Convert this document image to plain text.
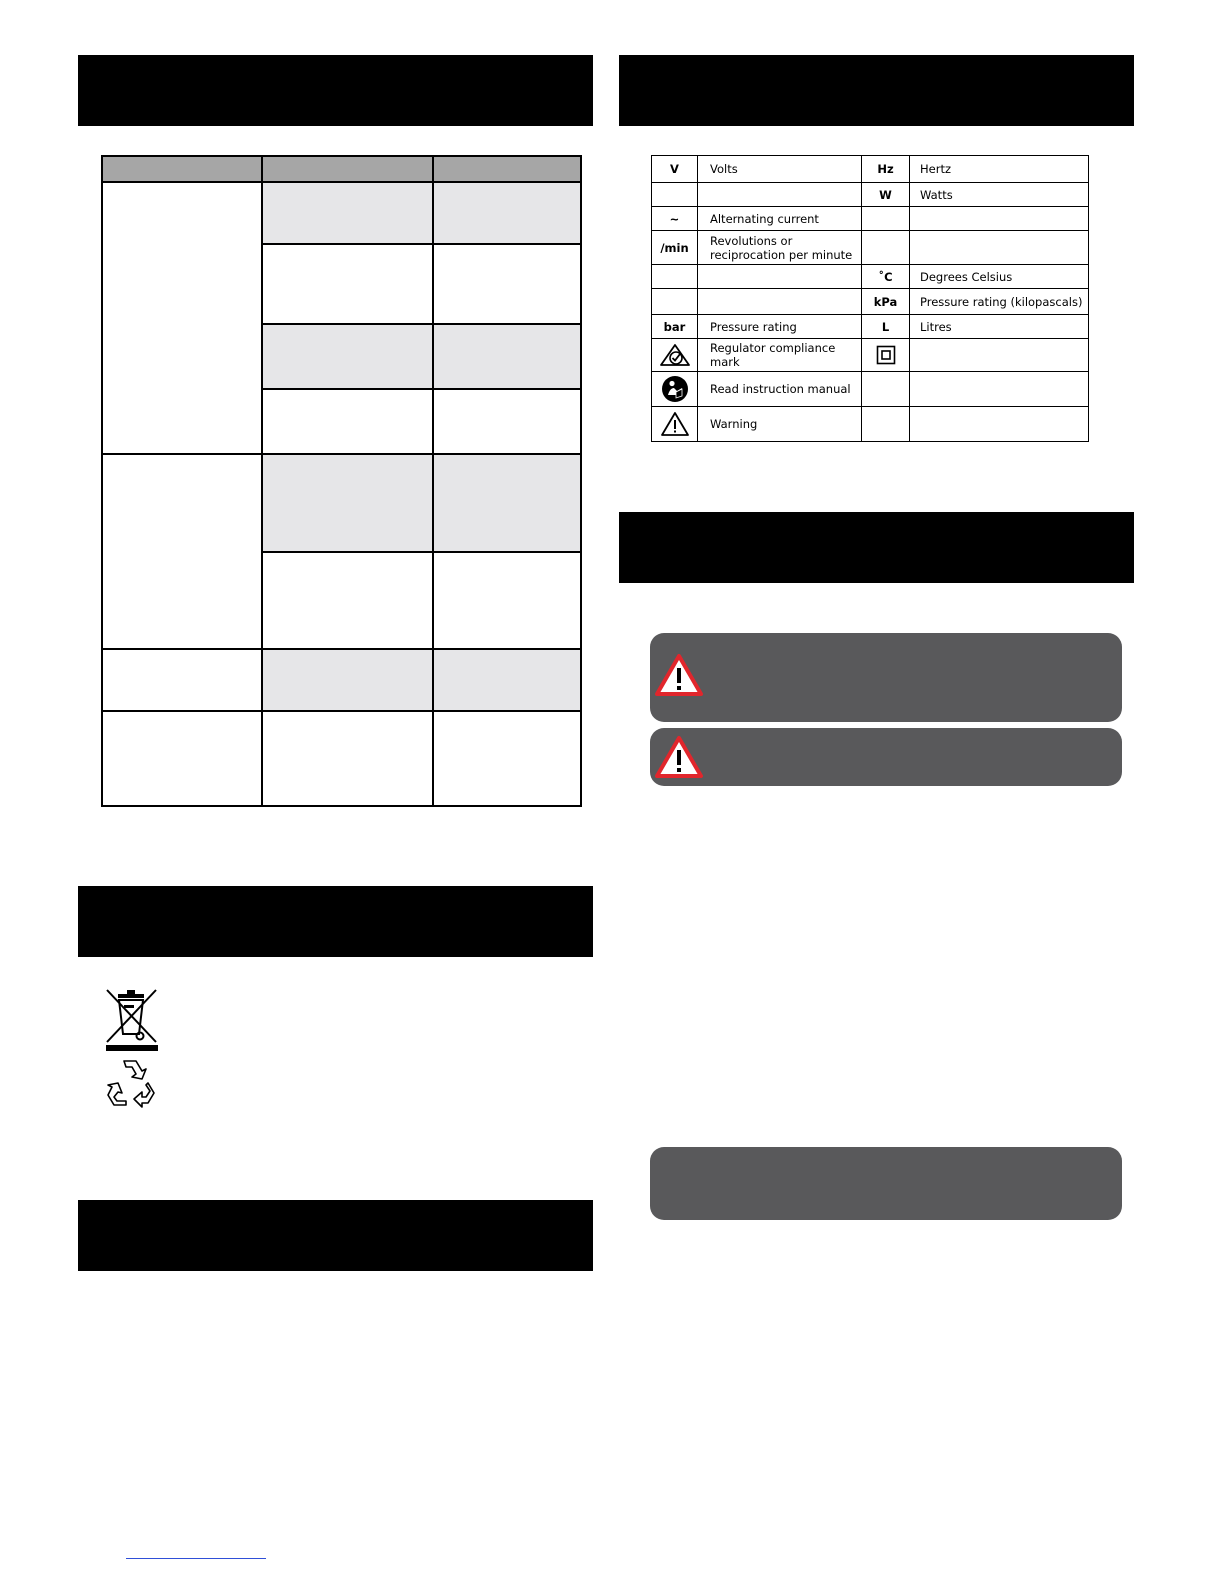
V	Volts	Hz	Hertz
		W	Watts
~	Alternating current		
/min	Revolutions or
reciprocation per minute		

		˚C	Degrees Celsius
		kPa	Pressure rating (kilopascals)
bar	Pressure rating	L	Litres

	Regulator compliance mark	

	Read instruction manual		

	Warning		
